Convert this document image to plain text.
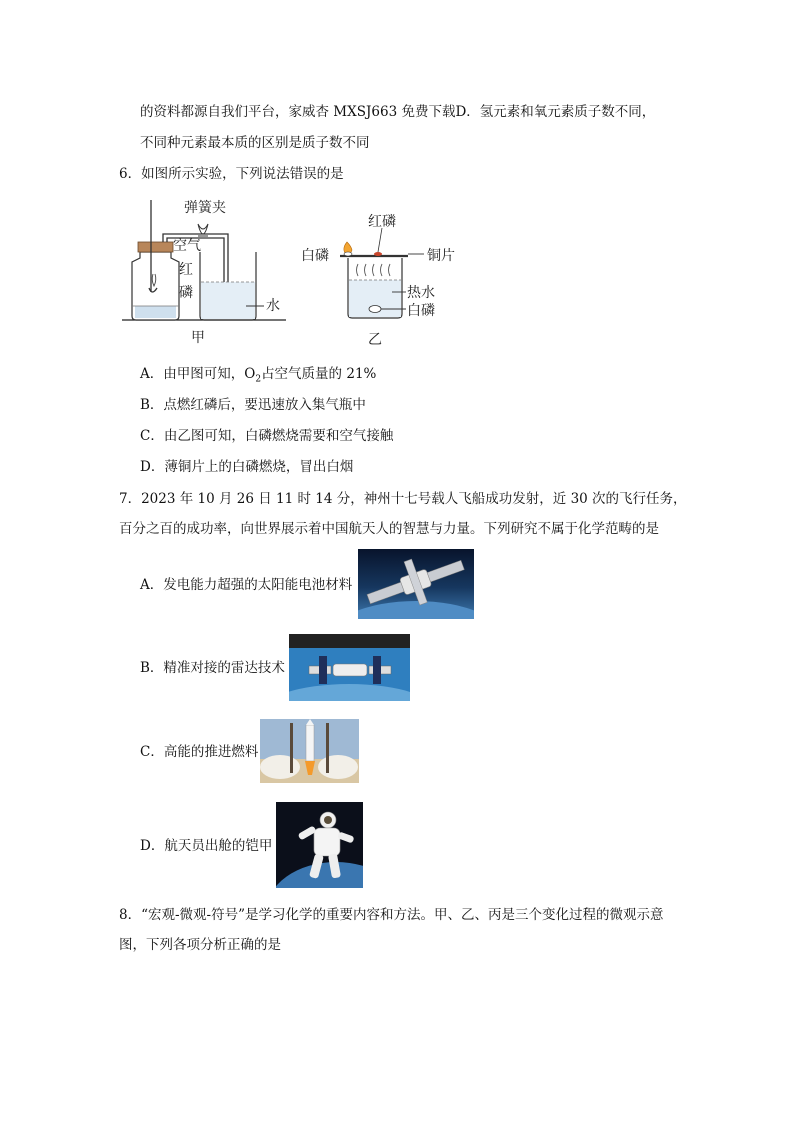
的资料都源自我们平台，家威杏 MXSJ663 免费下载D．氢元素和氧元素质子数不同，
不同种元素最本质的区别是质子数不同
6．如图所示实验，下列说法错误的是
弹簧夹
空气
红
磷
水
甲
红磷
白磷	铜片
热水
白磷
乙
A．由甲图可知，$O_2$占空气质量的 21%
B．点燃红磷后，要迅速放入集气瓶中
C．由乙图可知，白磷燃烧需要和空气接触
D．薄铜片上的白磷燃烧，冒出白烟
7．2023 年 10 月 26 日 11 时 14 分，神州十七号载人飞船成功发射，近 30 次的飞行任务，
百分之百的成功率，向世界展示着中国航天人的智慧与力量。下列研究不属于化学范畴的是
A．发电能力超强的太阳能电池材料
B．精准对接的雷达技术
C．高能的推进燃料
D．航天员出舱的铠甲
8．“宏观-微观-符号”是学习化学的重要内容和方法。甲、乙、丙是三个变化过程的微观示意
图，下列各项分析正确的是
